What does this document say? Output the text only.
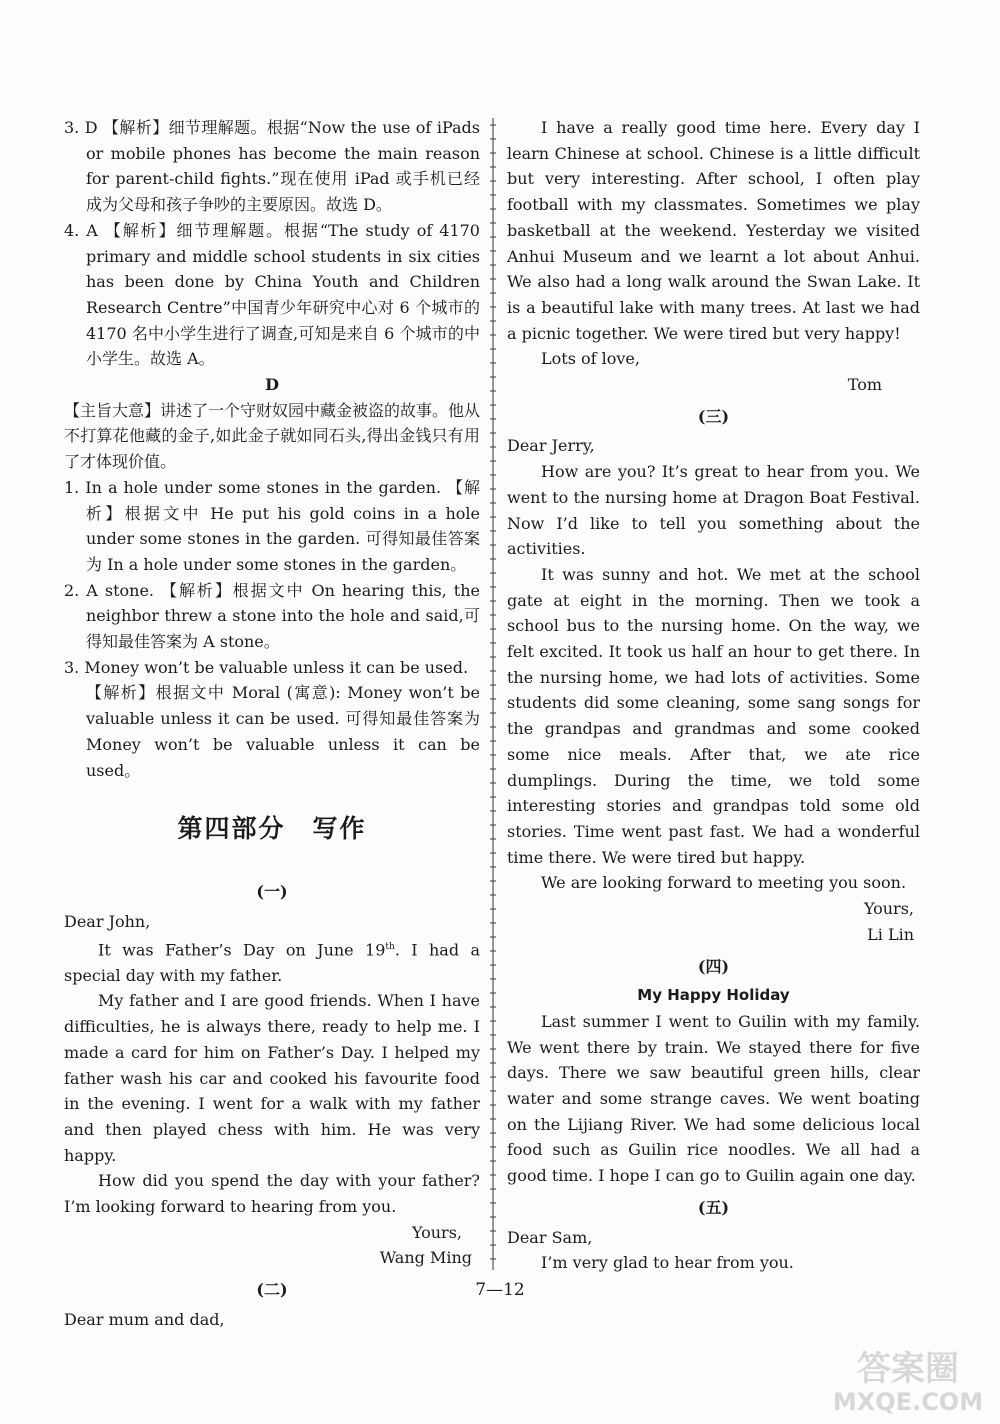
3. D 【解析】细节理解题。根据“Now the use of iPads or mobile phones has become the main reason for parent-child fights.”现在使用 iPad 或手机已经成为父母和孩子争吵的主要原因。故选 D。

4. A 【解析】细节理解题。根据“The study of 4170 primary and middle school students in six cities has been done by China Youth and Children Research Centre”中国青少年研究中心对 6 个城市的 4170 名中小学生进行了调查,可知是来自 6 个城市的中小学生。故选 A。

D

【主旨大意】讲述了一个守财奴园中藏金被盗的故事。他从不打算花他藏的金子,如此金子就如同石头,得出金钱只有用了才体现价值。

1. In a hole under some stones in the garden. 【解析】根据文中 He put his gold coins in a hole under some stones in the garden. 可得知最佳答案为 In a hole under some stones in the garden。

2. A stone. 【解析】根据文中 On hearing this, the neighbor threw a stone into the hole and said,可得知最佳答案为 A stone。

3. Money won’t be valuable unless it can be used.

【解析】根据文中 Moral (寓意): Money won’t be valuable unless it can be used. 可得知最佳答案为 Money won’t be valuable unless it can be used。

第四部分　写作

(一)

Dear John,

It was Father’s Day on June 19th. I had a special day with my father.

My father and I are good friends. When I have difficulties, he is always there, ready to help me. I made a card for him on Father’s Day. I helped my father wash his car and cooked his favourite food in the evening. I went for a walk with my father and then played chess with him. He was very happy.

How did you spend the day with your father? I’m looking forward to hearing from you.

Yours,

Wang Ming

(二)

Dear mum and dad,

I have a really good time here. Every day I learn Chinese at school. Chinese is a little difficult but very interesting. After school, I often play football with my classmates. Sometimes we play basketball at the weekend. Yesterday we visited Anhui Museum and we learnt a lot about Anhui. We also had a long walk around the Swan Lake. It is a beautiful lake with many trees. At last we had a picnic together. We were tired but very happy!

Lots of love,

Tom

(三)

Dear Jerry,

How are you? It’s great to hear from you. We went to the nursing home at Dragon Boat Festival. Now I’d like to tell you something about the activities.

It was sunny and hot. We met at the school gate at eight in the morning. Then we took a school bus to the nursing home. On the way, we felt excited. It took us half an hour to get there. In the nursing home, we had lots of activities. Some students did some cleaning, some sang songs for the grandpas and grandmas and some cooked some nice meals. After that, we ate rice dumplings. During the time, we told some interesting stories and grandpas told some old stories. Time went past fast. We had a wonderful time there. We were tired but happy.

We are looking forward to meeting you soon.

Yours,

Li Lin

(四)

My Happy Holiday

Last summer I went to Guilin with my family. We went there by train. We stayed there for five days. There we saw beautiful green hills, clear water and some strange caves. We went boating on the Lijiang River. We had some delicious local food such as Guilin rice noodles. We all had a good time. I hope I can go to Guilin again one day.

(五)

Dear Sam,

I’m very glad to hear from you.

7—12
答案圈
MXQE.COM
